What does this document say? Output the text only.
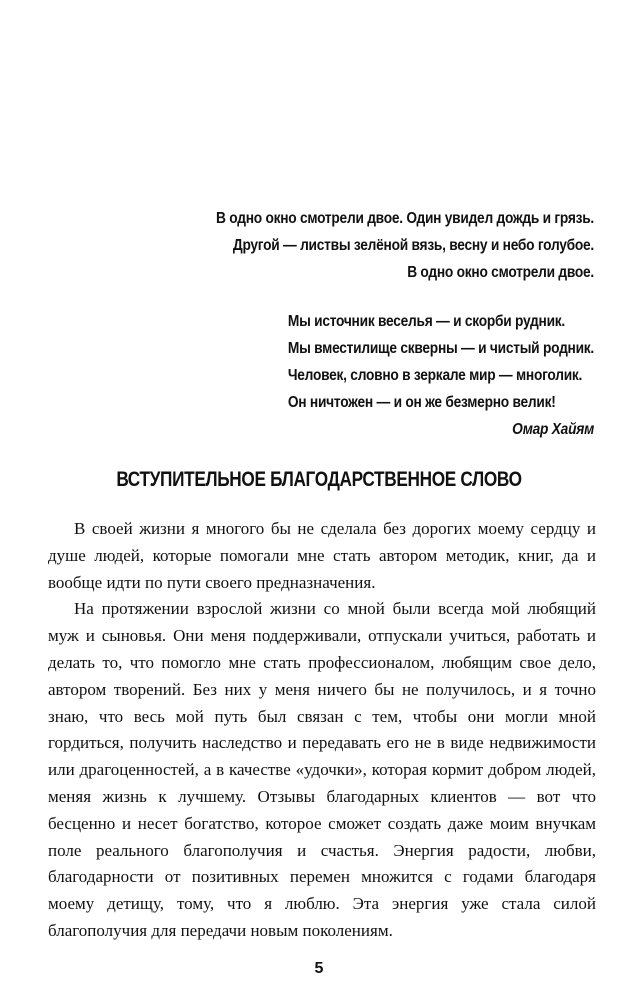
В одно окно смотрели двое. Один увидел дождь и грязь.
Другой — листвы зелёной вязь, весну и небо голубое.
В одно окно смотрели двое.
Мы источник веселья — и скорби рудник.
Мы вместилище скверны — и чистый родник.
Человек, словно в зеркале мир — многолик.
Он ничтожен — и он же безмерно велик!
Омар Хайям
ВСТУПИТЕЛЬНОЕ БЛАГОДАРСТВЕННОЕ СЛОВО

В своей жизни я многого бы не сделала без дорогих моему сердцу и душе людей, которые помогали мне стать автором методик, книг, да и вообще идти по пути своего предназначения.

На протяжении взрослой жизни со мной были всегда мой любящий муж и сыновья. Они меня поддерживали, отпускали учиться, работать и делать то, что помогло мне стать профессионалом, любящим свое дело, автором творений. Без них у меня ничего бы не получилось, и я точно знаю, что весь мой путь был связан с тем, чтобы они могли мной гордиться, получить наследство и передавать его не в виде недвижимости или драгоценностей, а в качестве «удочки», которая кормит добром людей, меняя жизнь к лучшему. Отзывы благодарных клиентов — вот что бесценно и несет богатство, которое сможет создать даже моим внучкам поле реального благополучия и счастья. Энергия радости, любви, благодарности от позитивных перемен множится с годами благодаря моему детищу, тому, что я люблю. Эта энергия уже стала силой благополучия для передачи новым поколениям.

5
